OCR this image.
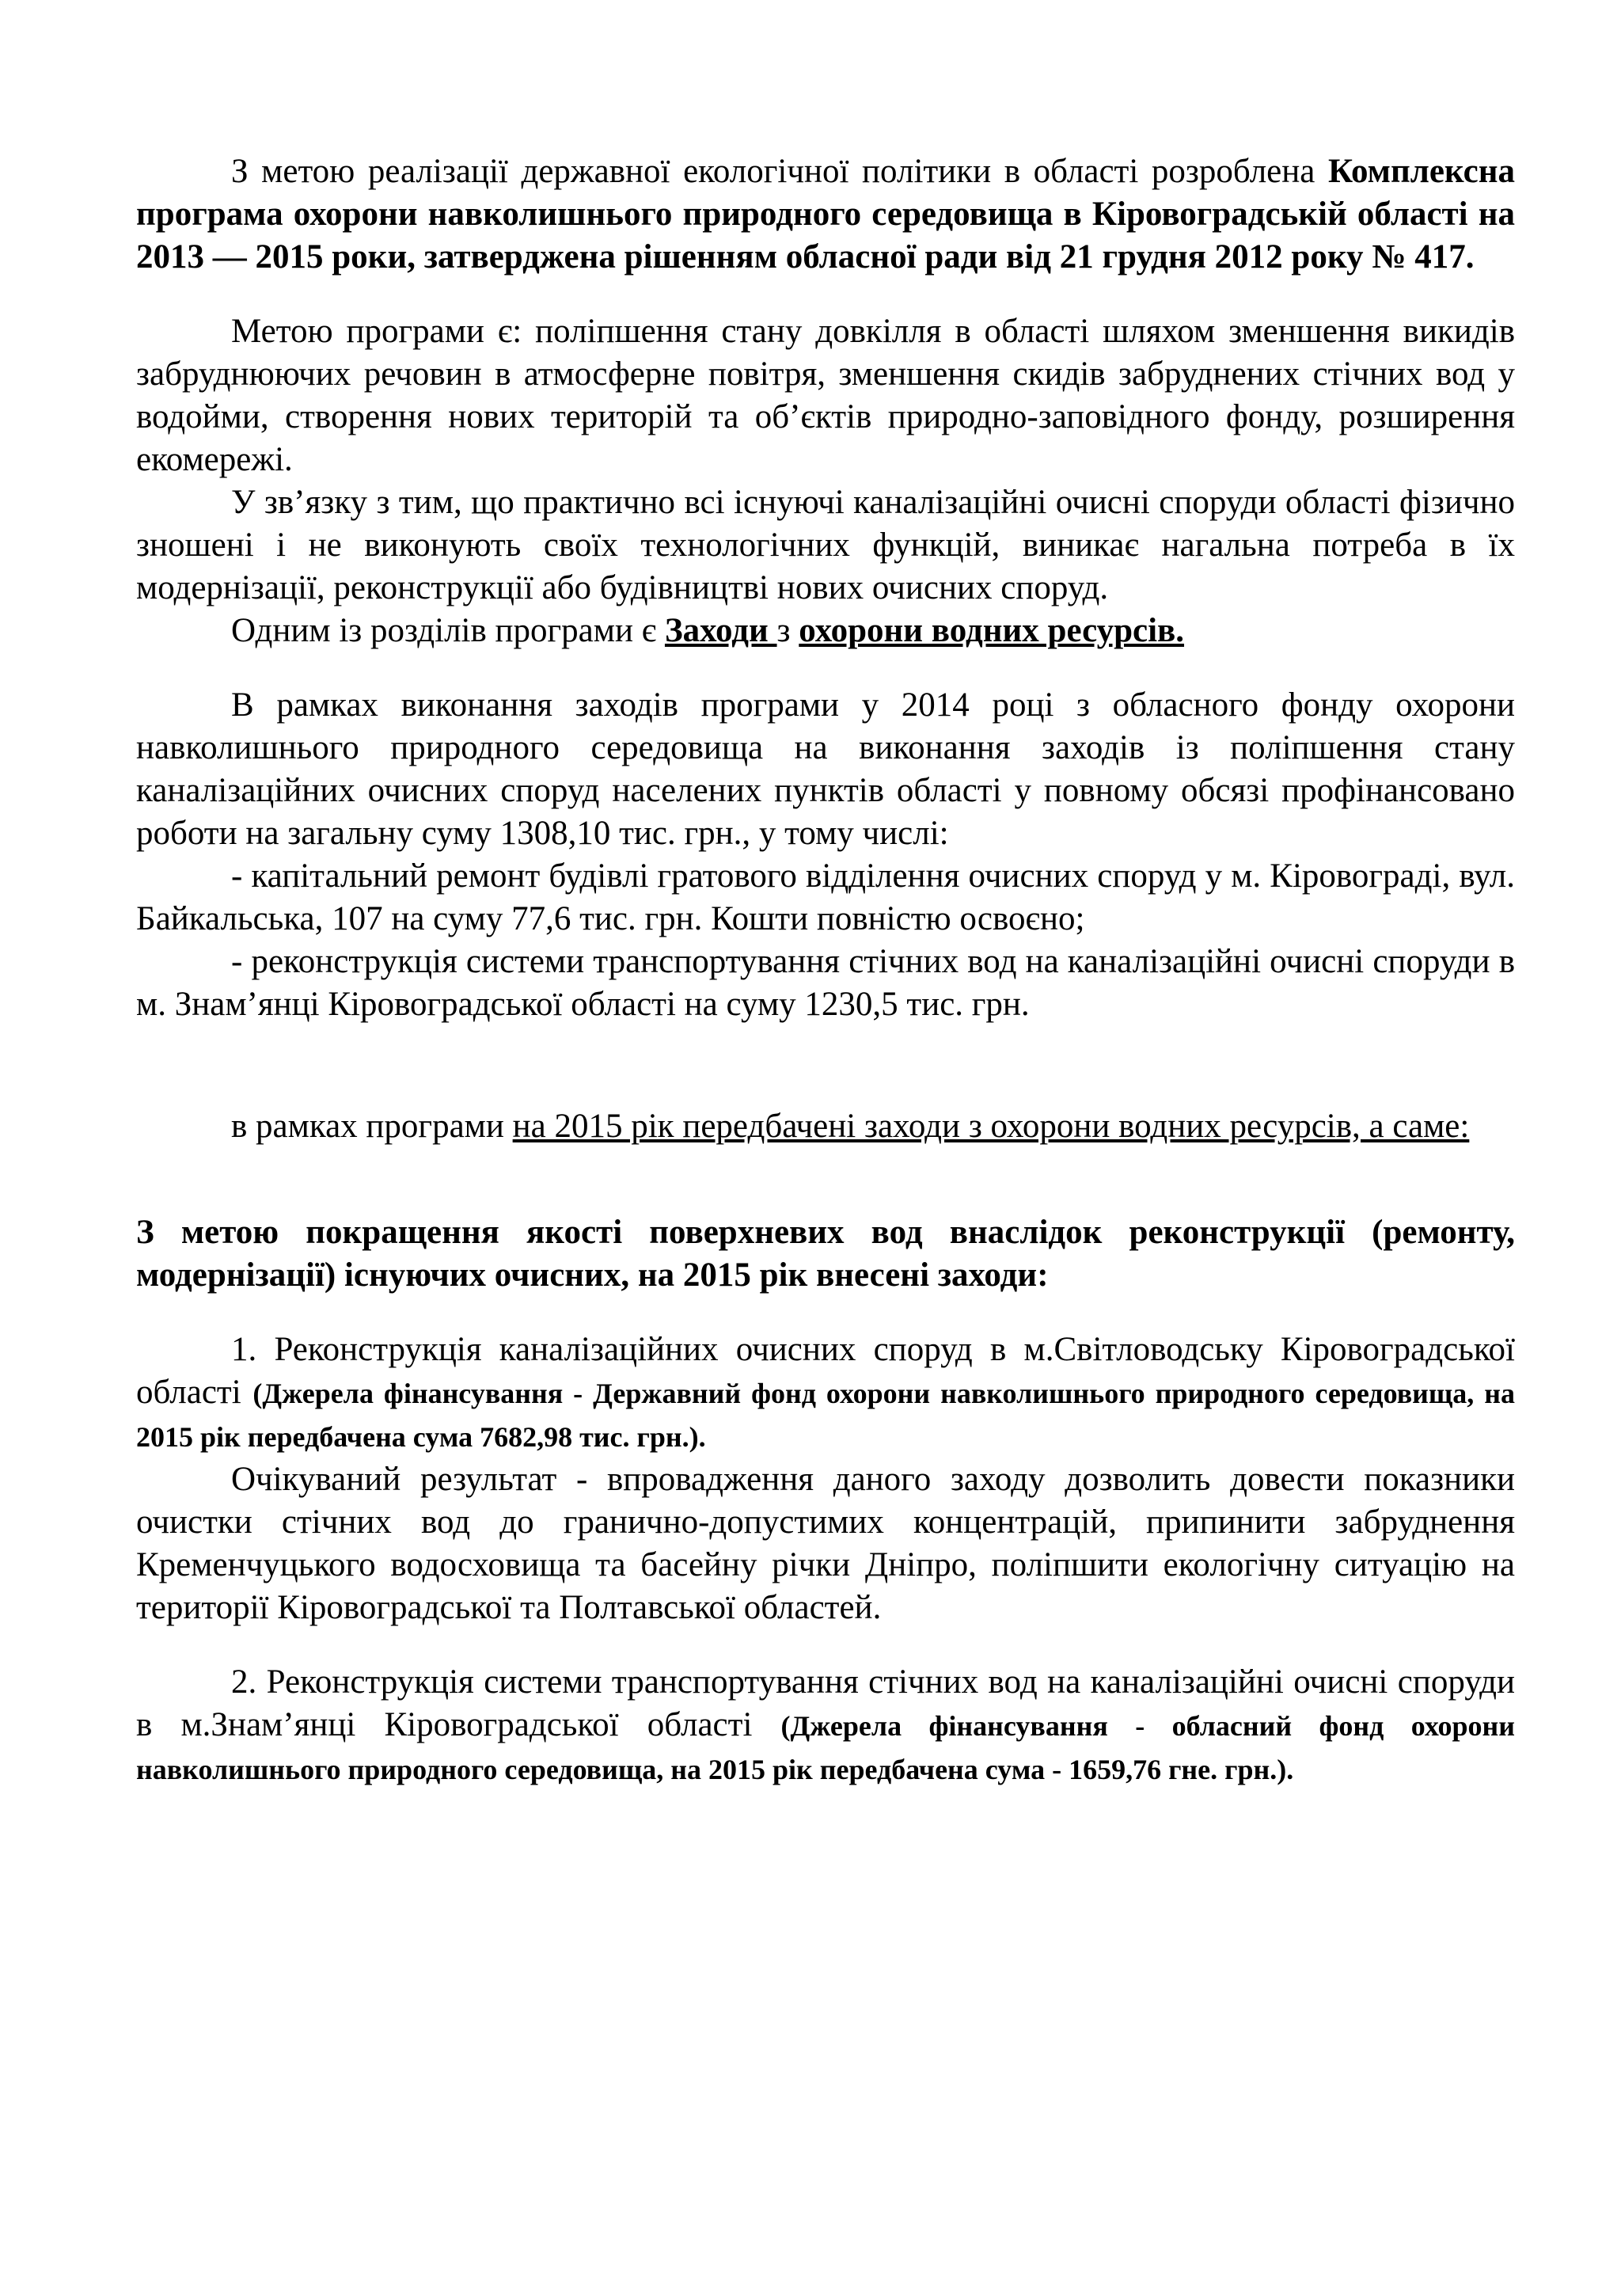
З метою реалізації державної екологічної політики в області розроблена Комплексна програма охорони навколишнього природного середовища в Кіровоградській області на 2013 — 2015 роки, затверджена рішенням обласної ради від 21 грудня 2012 року № 417.

Метою програми є: поліпшення стану довкілля в області шляхом зменшення викидів забруднюючих речовин в атмосферне повітря, зменшення скидів забруднених стічних вод у водойми, створення нових територій та об’єктів природно-заповідного фонду, розширення екомережі.

У зв’язку з тим, що практично всі існуючі каналізаційні очисні споруди області фізично зношені і не виконують своїх технологічних функцій, виникає нагальна потреба в їх модернізації, реконструкції або будівництві нових очисних споруд.

Одним із розділів програми є Заходи з охорони водних ресурсів.

В рамках виконання заходів програми у 2014 році з обласного фонду охорони навколишнього природного середовища на виконання заходів із поліпшення стану каналізаційних очисних споруд населених пунктів області у повному обсязі профінансовано роботи на загальну суму 1308,10 тис. грн., у тому числі:

- капітальний ремонт будівлі гратового відділення очисних споруд у м. Кіровограді, вул. Байкальська, 107 на суму 77,6 тис. грн. Кошти повністю освоєно;

- реконструкція системи транспортування стічних вод на каналізаційні очисні споруди в м. Знам’янці Кіровоградської області на суму 1230,5 тис. грн.

в рамках програми на 2015 рік передбачені заходи з охорони водних ресурсів, а саме:

З метою покращення якості поверхневих вод внаслідок реконструкції (ремонту, модернізації) існуючих очисних, на 2015 рік внесені заходи:

1. Реконструкція каналізаційних очисних споруд в м.Світловодську Кіровоградської області (Джерела фінансування - Державний фонд охорони навколишнього природного середовища, на 2015 рік передбачена сума 7682,98 тис. грн.).

Очікуваний результат - впровадження даного заходу дозволить довести показники очистки стічних вод до гранично-допустимих концентрацій, припинити забруднення Кременчуцького водосховища та басейну річки Дніпро, поліпшити екологічну ситуацію на території Кіровоградської та Полтавської областей.

2. Реконструкція системи транспортування стічних вод на каналізаційні очисні споруди в м.Знам’янці Кіровоградської області (Джерела фінансування - обласний фонд охорони навколишнього природного середовища, на 2015 рік передбачена сума - 1659,76 гне. грн.).
